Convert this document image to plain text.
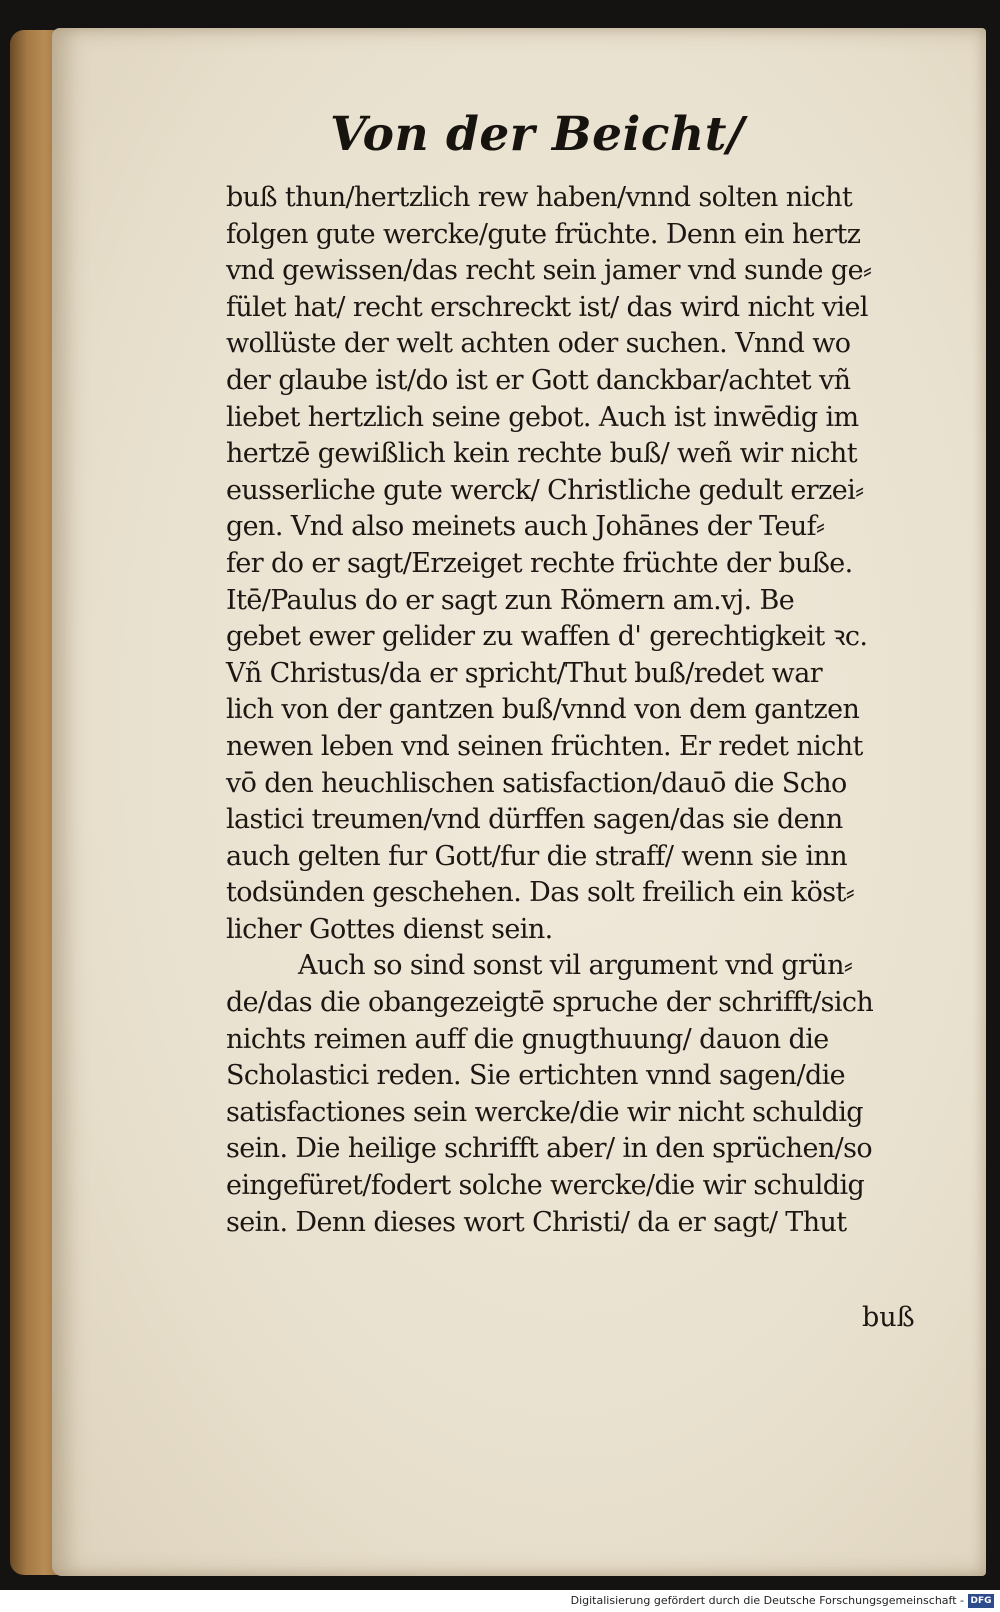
Von der Beicht/
buß thun/hertzlich rew haben/vnnd solten nicht
folgen gute wercke/gute früchte. Denn ein hertz
vnd gewissen/das recht sein jamer vnd sunde ge⸗
fület hat/ recht erschreckt ist/ das wird nicht viel
wollüste der welt achten oder suchen. Vnnd wo
der glaube ist/do ist er Gott danckbar/achtet vñ
liebet hertzlich seine gebot. Auch ist inwēdig im
hertzē gewißlich kein rechte buß/ weñ wir nicht
eusserliche gute werck/ Christliche gedult erzei⸗
gen. Vnd also meinets auch Johānes der Teuf⸗
fer do er sagt/Erzeiget rechte früchte der buße.
Itē/Paulus do er sagt zun Römern am.vj. Be
gebet ewer gelider zu waffen d' gerechtigkeit ꝛc.
Vñ Christus/da er spricht/Thut buß/redet war
lich von der gantzen buß/vnnd von dem gantzen
newen leben vnd seinen früchten. Er redet nicht
vō den heuchlischen satisfaction/dauō die Scho
lastici treumen/vnd dürffen sagen/das sie denn
auch gelten fur Gott/fur die straff/ wenn sie inn
todsünden geschehen. Das solt freilich ein köst⸗
licher Gottes dienst sein.
Auch so sind sonst vil argument vnd grün⸗
de/das die obangezeigtē spruche der schrifft/sich
nichts reimen auff die gnugthuung/ dauon die
Scholastici reden. Sie ertichten vnnd sagen/die
satisfactiones sein wercke/die wir nicht schuldig
sein. Die heilige schrifft aber/ in den sprüchen/so
eingefüret/fodert solche wercke/die wir schuldig
sein. Denn dieses wort Christi/ da er sagt/ Thut
buß
Digitalisierung gefördert durch die Deutsche Forschungsgemeinschaft - DFG
